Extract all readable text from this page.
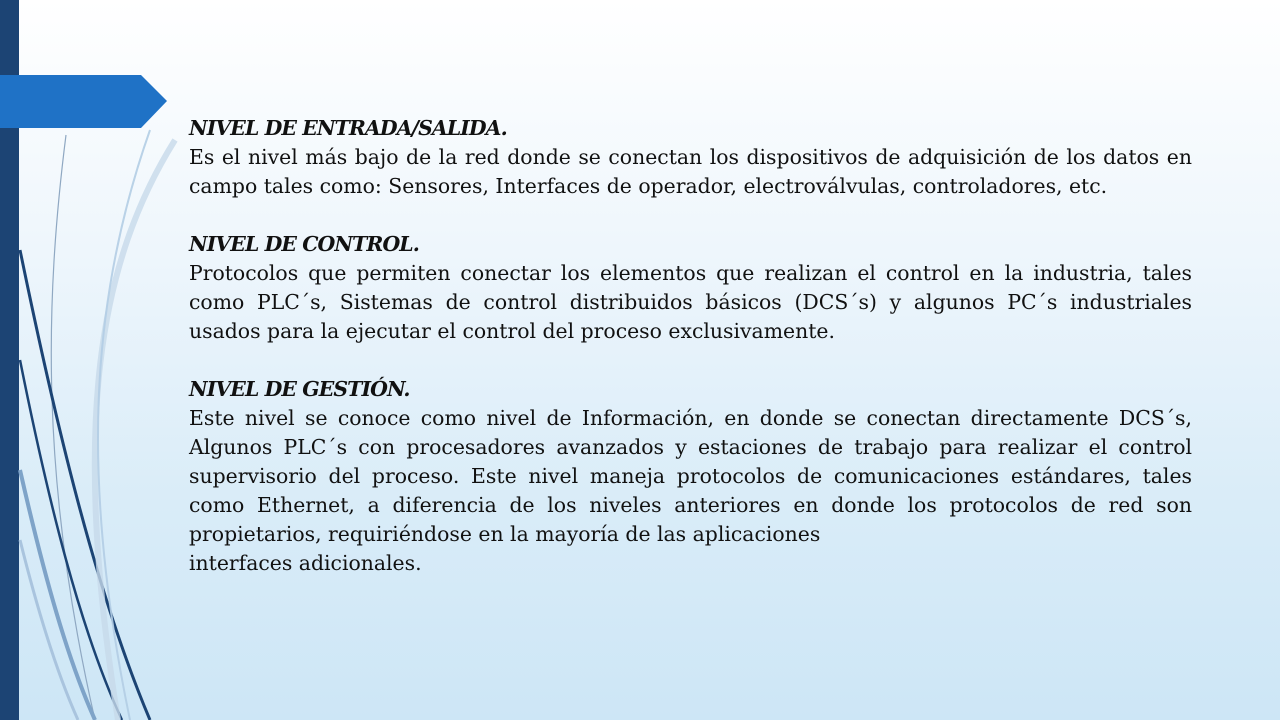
NIVEL DE ENTRADA/SALIDA.
Es el nivel más bajo de la red donde se conectan los dispositivos de adquisición de los datos en campo tales como: Sensores, Interfaces de operador, electroválvulas, controladores, etc.
NIVEL DE CONTROL.
Protocolos que permiten conectar los elementos que realizan el control en la industria, tales como PLC´s, Sistemas de control distribuidos básicos (DCS´s) y algunos PC´s industriales usados para la ejecutar el control del proceso exclusivamente.
NIVEL DE GESTIÓN.
Este nivel se conoce como nivel de Información, en donde se conectan directamente DCS´s, Algunos PLC´s con procesadores avanzados y estaciones de trabajo para realizar el control supervisorio del proceso. Este nivel maneja protocolos de comunicaciones estándares, tales como Ethernet, a diferencia de los niveles anteriores en donde los protocolos de red son propietarios, requiriéndose en la mayoría de las aplicaciones
interfaces adicionales.
